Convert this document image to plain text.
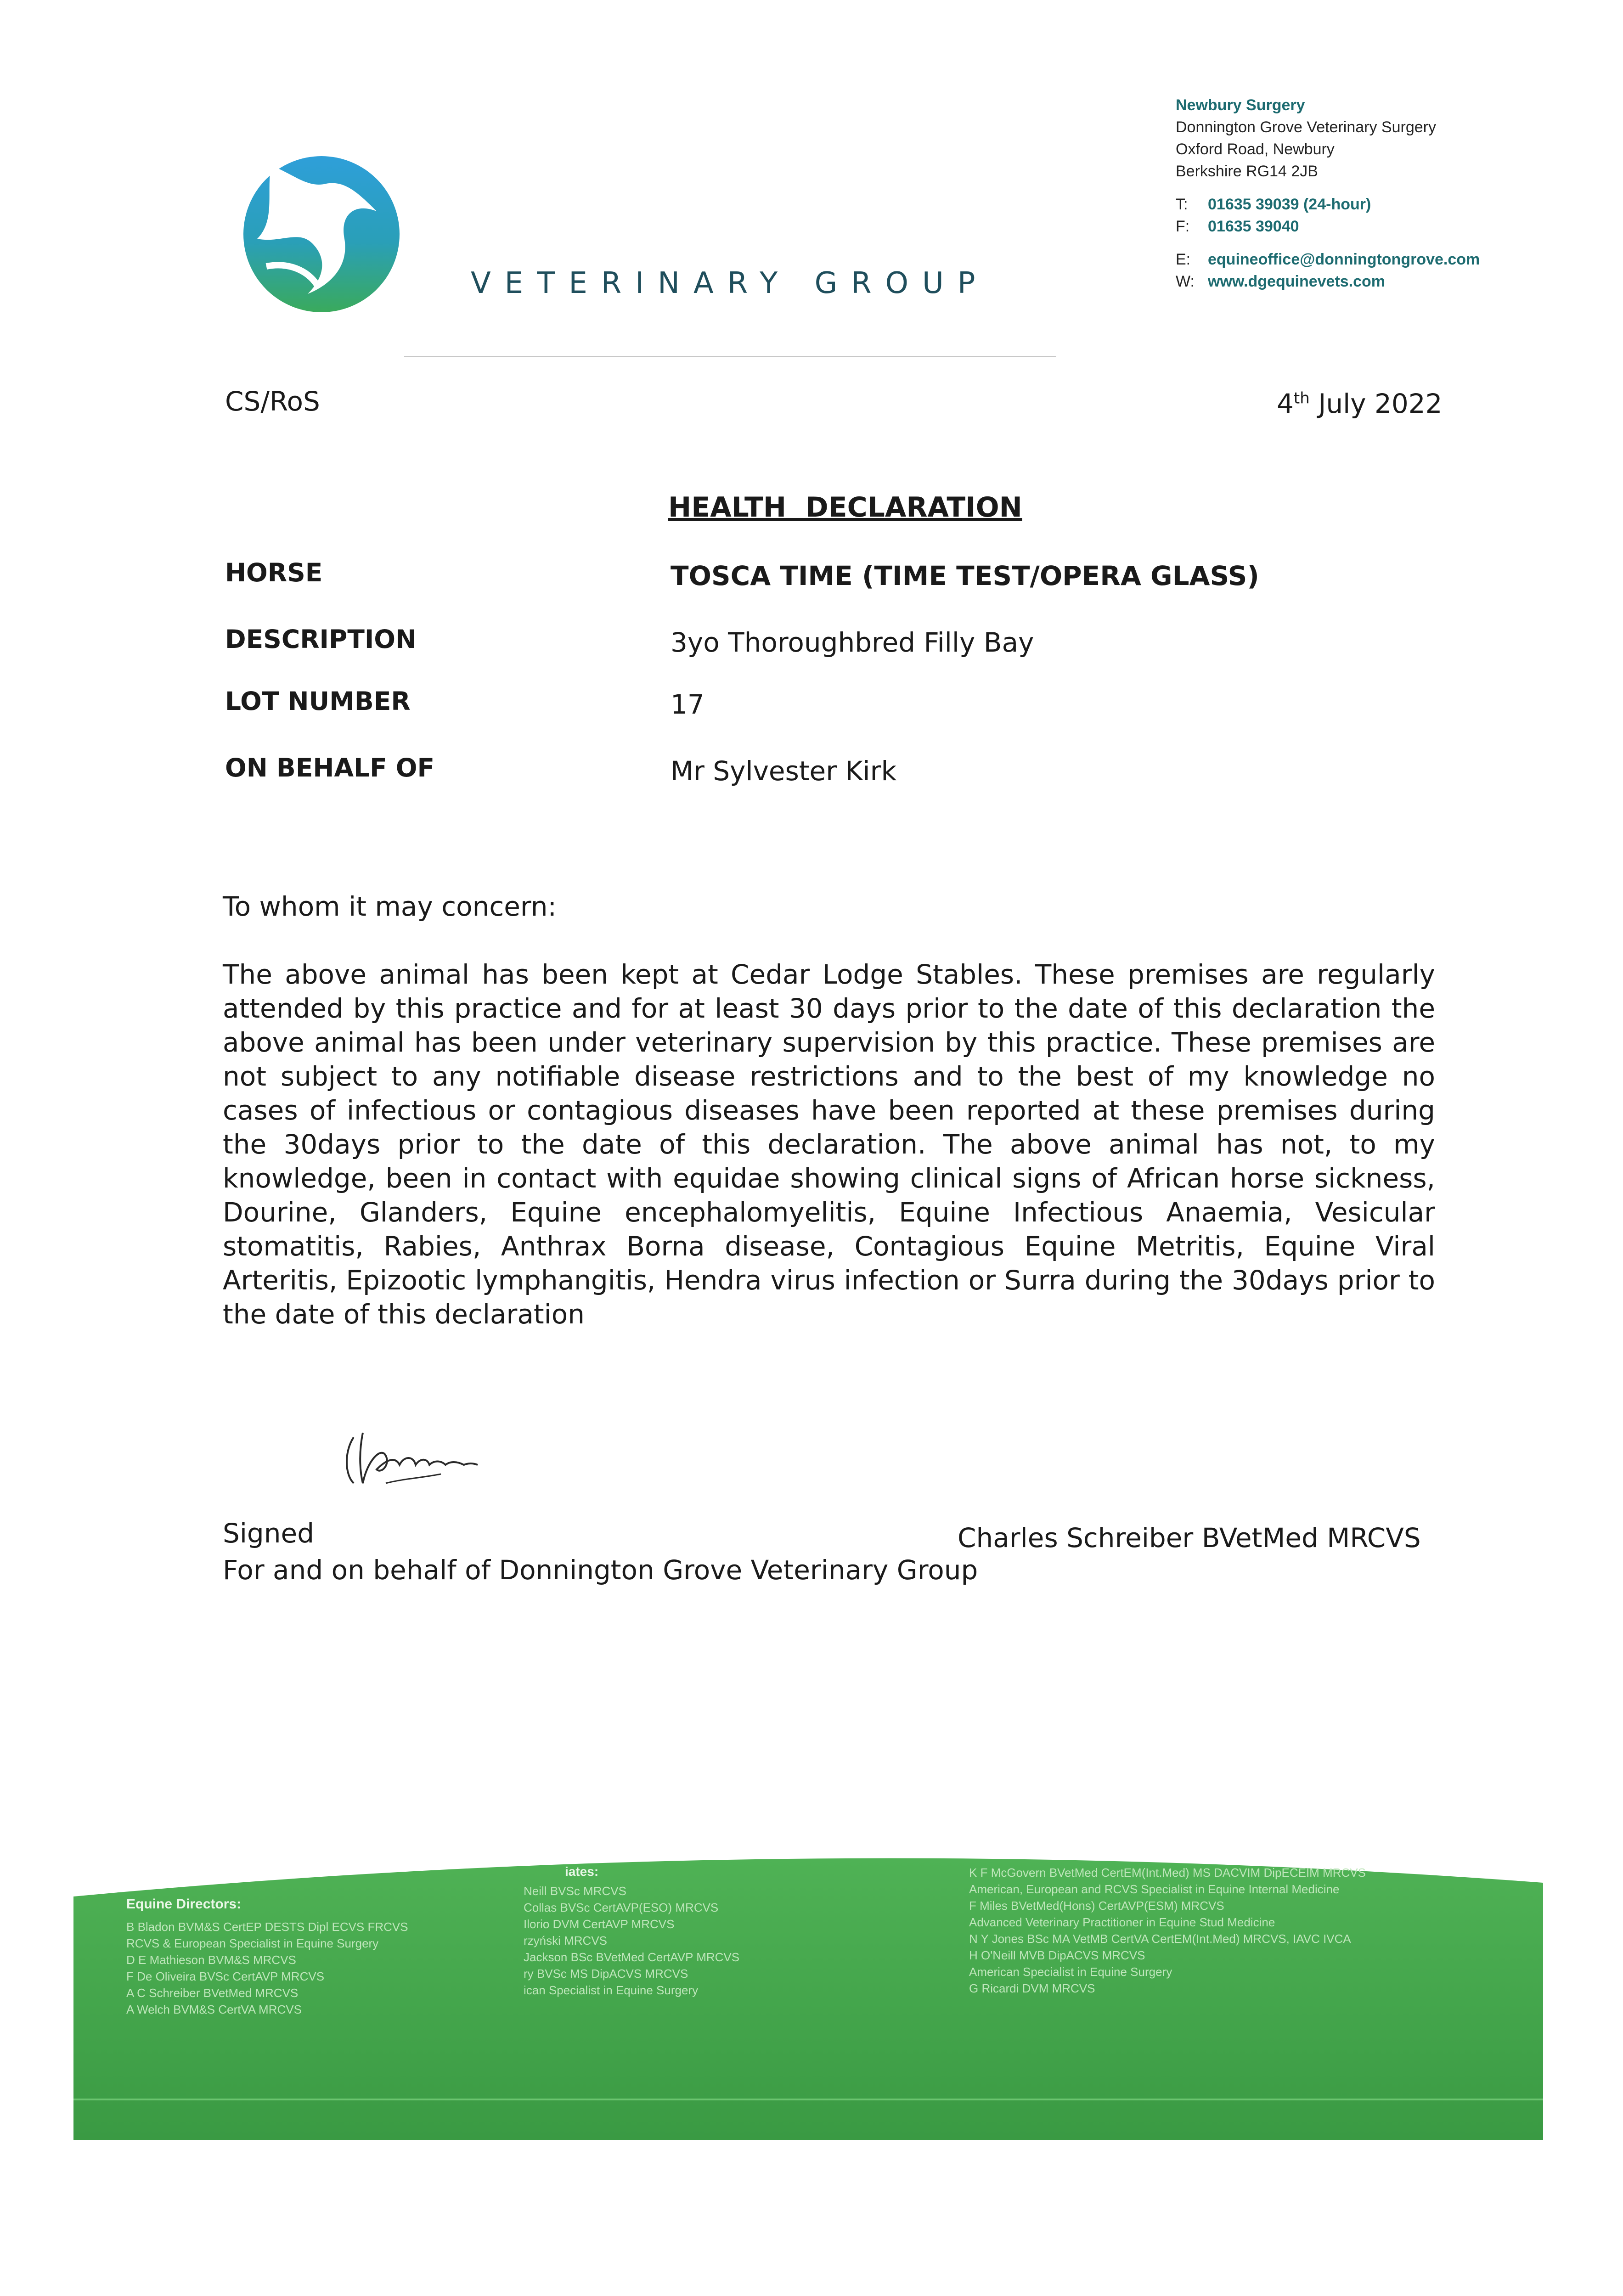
VETERINARY GROUP
Newbury Surgery
Donnington Grove Veterinary Surgery
Oxford Road, Newbury
Berkshire RG14 2JB
T: 01635 39039 (24-hour)
F: 01635 39040
E: equineoffice@donningtongrove.com
W: www.dgequinevets.com
CS/RoS	4th July 2022
HEALTH  DECLARATION
HORSE	TOSCA TIME (TIME TEST/OPERA GLASS)
DESCRIPTION	3yo Thoroughbred Filly Bay
LOT NUMBER	17
ON BEHALF OF	Mr Sylvester Kirk
To whom it may concern:

The above animal has been kept at Cedar Lodge Stables. These premises are regularly attended by this practice and for at least 30 days prior to the date of this declaration the above animal has been under veterinary supervision by this practice. These premises are not subject to any notifiable disease restrictions and to the best of my knowledge no cases of infectious or contagious diseases have been reported at these premises during the 30days prior to the date of this declaration. The above animal has not, to my knowledge, been in contact with equidae showing clinical signs of African horse sickness, Dourine, Glanders, Equine encephalomyelitis, Equine Infectious Anaemia, Vesicular stomatitis, Rabies, Anthrax Borna disease, Contagious Equine Metritis, Equine Viral Arteritis, Epizootic lymphangitis, Hendra virus infection or Surra during the 30days prior to the date of this declaration

Signed	Charles Schreiber BVetMed MRCVS
For and on behalf of Donnington Grove Veterinary Group
Equine Directors:
B Bladon BVM&S CertEP DESTS Dipl ECVS FRCVS
RCVS & European Specialist in Equine Surgery
D E Mathieson BVM&S MRCVS
F De Oliveira BVSc CertAVP MRCVS
A C Schreiber BVetMed MRCVS
A Welch BVM&S CertVA MRCVS
iates:
Neill BVSc MRCVS
Collas BVSc CertAVP(ESO) MRCVS
Ilorio DVM CertAVP MRCVS
rzyński MRCVS
Jackson BSc BVetMed CertAVP MRCVS
ry BVSc MS DipACVS MRCVS
ican Specialist in Equine Surgery
K F McGovern BVetMed CertEM(Int.Med) MS DACVIM DipECEIM MRCVS
American, European and RCVS Specialist in Equine Internal Medicine
F Miles BVetMed(Hons) CertAVP(ESM) MRCVS
Advanced Veterinary Practitioner in Equine Stud Medicine
N Y Jones BSc MA VetMB CertVA CertEM(Int.Med) MRCVS, IAVC IVCA
H O'Neill MVB DipACVS MRCVS
American Specialist in Equine Surgery
G Ricardi DVM MRCVS
